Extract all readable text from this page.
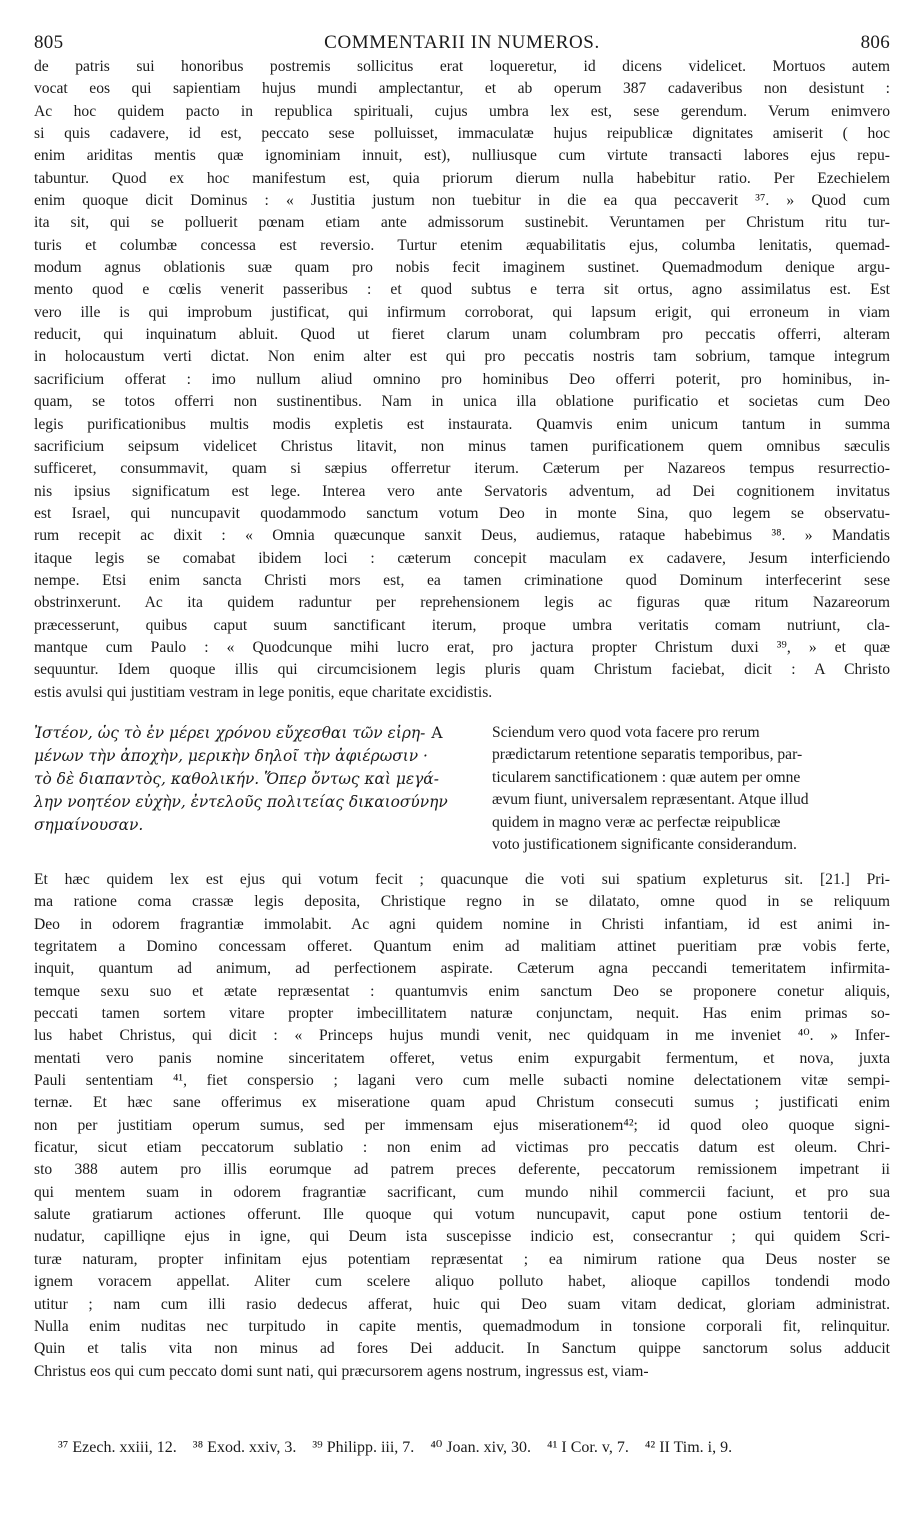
805	COMMENTARII IN NUMEROS.	806
de patris sui honoribus postremis sollicitus erat loqueretur, id dicens videlicet. Mortuos autem
vocat eos qui sapientiam hujus mundi amplectantur, et ab operum 387 cadaveribus non desistunt :
Ac hoc quidem pacto in republica spirituali, cujus umbra lex est, sese gerendum. Verum enimvero
si quis cadavere, id est, peccato sese polluisset, immaculatæ hujus reipublicæ dignitates amiserit ( hoc
enim ariditas mentis quæ ignominiam innuit, est), nulliusque cum virtute transacti labores ejus repu-
tabuntur. Quod ex hoc manifestum est, quia priorum dierum nulla habebitur ratio. Per Ezechielem
enim quoque dicit Dominus : « Justitia justum non tuebitur in die ea qua peccaverit ³⁷. » Quod cum
ita sit, qui se polluerit pœnam etiam ante admissorum sustinebit. Veruntamen per Christum ritu tur-
turis et columbæ concessa est reversio. Turtur etenim æquabilitatis ejus, columba lenitatis, quemad-
modum agnus oblationis suæ quam pro nobis fecit imaginem sustinet. Quemadmodum denique argu-
mento quod e cœlis venerit passeribus : et quod subtus e terra sit ortus, agno assimilatus est. Est
vero ille is qui improbum justificat, qui infirmum corroborat, qui lapsum erigit, qui erroneum in viam
reducit, qui inquinatum abluit. Quod ut fieret clarum unam columbram pro peccatis offerri, alteram
in holocaustum verti dictat. Non enim alter est qui pro peccatis nostris tam sobrium, tamque integrum
sacrificium offerat : imo nullum aliud omnino pro hominibus Deo offerri poterit, pro hominibus, in-
quam, se totos offerri non sustinentibus. Nam in unica illa oblatione purificatio et societas cum Deo
legis purificationibus multis modis expletis est instaurata. Quamvis enim unicum tantum in summa
sacrificium seipsum videlicet Christus litavit, non minus tamen purificationem quem omnibus sæculis
sufficeret, consummavit, quam si sæpius offerretur iterum. Cæterum per Nazareos tempus resurrectio-
nis ipsius significatum est lege. Interea vero ante Servatoris adventum, ad Dei cognitionem invitatus
est Israel, qui nuncupavit quodammodo sanctum votum Deo in monte Sina, quo legem se observatu-
rum recepit ac dixit : « Omnia quæcunque sanxit Deus, audiemus, rataque habebimus ³⁸. » Mandatis
itaque legis se comabat ibidem loci : cæterum concepit maculam ex cadavere, Jesum interficiendo
nempe. Etsi enim sancta Christi mors est, ea tamen criminatione quod Dominum interfecerint sese
obstrinxerunt. Ac ita quidem raduntur per reprehensionem legis ac figuras quæ ritum Nazareorum
præcesserunt, quibus caput suum sanctificant iterum, proque umbra veritatis comam nutriunt, cla-
mantque cum Paulo : « Quodcunque mihi lucro erat, pro jactura propter Christum duxi ³⁹, » et quæ
sequuntur. Idem quoque illis qui circumcisionem legis pluris quam Christum faciebat, dicit : A Christo
estis avulsi qui justitiam vestram in lege ponitis, eque charitate excidistis.
Ἰστέον, ὡς τὸ ἐν μέρει χρόνου εὔχεσθαι τῶν εἰρη- A
μένων τὴν ἀποχὴν, μερικὴν δηλοῖ τὴν ἀφιέρωσιν ·
τὸ δὲ διαπαντὸς, καθολικήν. Ὅπερ ὄντως καὶ μεγά-
λην νοητέον εὐχὴν, ἐντελοῦς πολιτείας δικαιοσύνην
σημαίνουσαν.
Sciendum vero quod vota facere pro rerum
prædictarum retentione separatis temporibus, par-
ticularem sanctificationem : quæ autem per omne
ævum fiunt, universalem repræsentant. Atque illud
quidem in magno veræ ac perfectæ reipublicæ
voto justificationem significante considerandum.
Et hæc quidem lex est ejus qui votum fecit ; quacunque die voti sui spatium expleturus sit. [21.] Pri-
ma ratione coma crassæ legis deposita, Christique regno in se dilatato, omne quod in se reliquum
Deo in odorem fragrantiæ immolabit. Ac agni quidem nomine in Christi infantiam, id est animi in-
tegritatem a Domino concessam offeret. Quantum enim ad malitiam attinet pueritiam præ vobis ferte,
inquit, quantum ad animum, ad perfectionem aspirate. Cæterum agna peccandi temeritatem infirmita-
temque sexu suo et ætate repræsentat : quantumvis enim sanctum Deo se proponere conetur aliquis,
peccati tamen sortem vitare propter imbecillitatem naturæ conjunctam, nequit. Has enim primas so-
lus habet Christus, qui dicit : « Princeps hujus mundi venit, nec quidquam in me inveniet ⁴⁰. » Infer-
mentati vero panis nomine sinceritatem offeret, vetus enim expurgabit fermentum, et nova, juxta
Pauli sententiam ⁴¹, fiet conspersio ; lagani vero cum melle subacti nomine delectationem vitæ sempi-
ternæ. Et hæc sane offerimus ex miseratione quam apud Christum consecuti sumus ; justificati enim
non per justitiam operum sumus, sed per immensam ejus miserationem⁴²; id quod oleo quoque signi-
ficatur, sicut etiam peccatorum sublatio : non enim ad victimas pro peccatis datum est oleum. Chri-
sto 388 autem pro illis eorumque ad patrem preces deferente, peccatorum remissionem impetrant ii
qui mentem suam in odorem fragrantiæ sacrificant, cum mundo nihil commercii faciunt, et pro sua
salute gratiarum actiones offerunt. Ille quoque qui votum nuncupavit, caput pone ostium tentorii de-
nudatur, capilliqne ejus in igne, qui Deum ista suscepisse indicio est, consecrantur ; qui quidem Scri-
turæ naturam, propter infinitam ejus potentiam repræsentat ; ea nimirum ratione qua Deus noster se
ignem voracem appellat. Aliter cum scelere aliquo polluto habet, alioque capillos tondendi modo
utitur ; nam cum illi rasio dedecus afferat, huic qui Deo suam vitam dedicat, gloriam administrat.
Nulla enim nuditas nec turpitudo in capite mentis, quemadmodum in tonsione corporali fit, relinquitur.
Quin et talis vita non minus ad fores Dei adducit. In Sanctum quippe sanctorum solus adducit
Christus eos qui cum peccato domi sunt nati, qui præcursorem agens nostrum, ingressus est, viam-
³⁷ Ezech. xxiii, 12. ³⁸ Exod. xxiv, 3. ³⁹ Philipp. iii, 7. ⁴⁰ Joan. xiv, 30. ⁴¹ I Cor. v, 7. ⁴² II Tim. i, 9.
